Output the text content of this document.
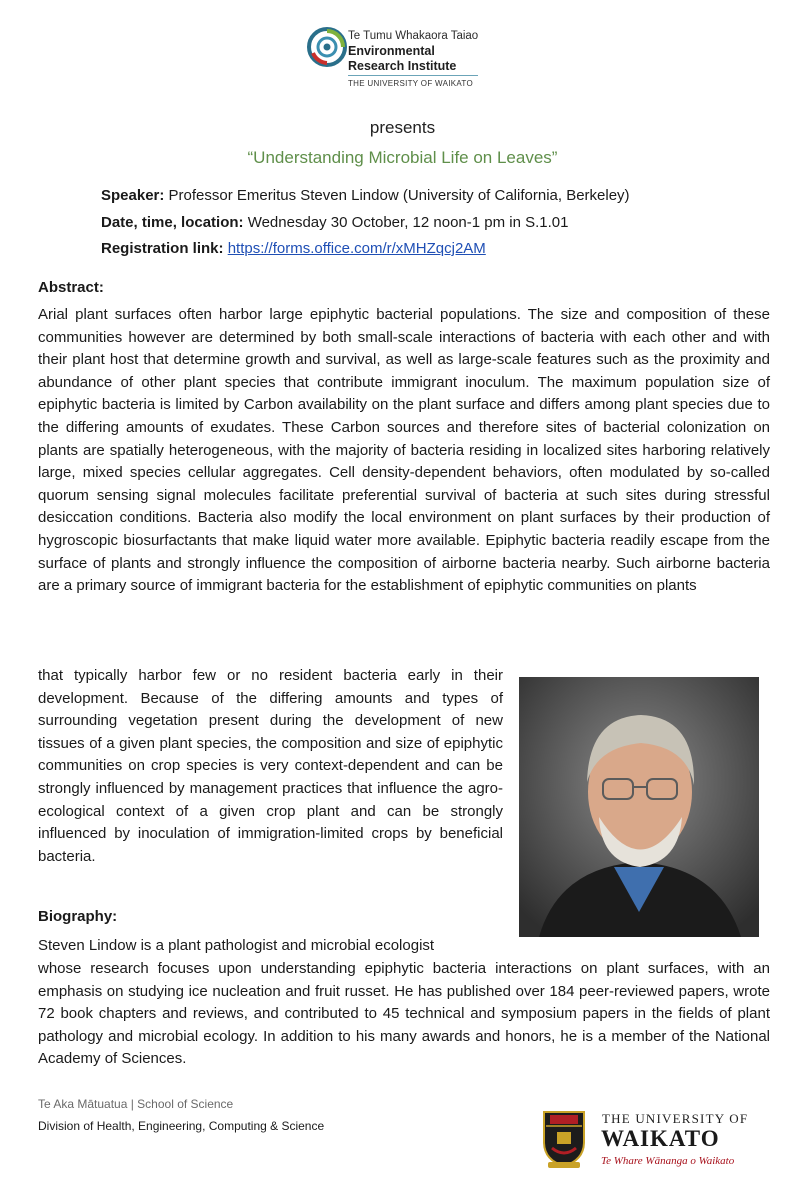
Te Tumu Whakaora Taiao
Environmental
Research Institute
THE UNIVERSITY OF WAIKATO
presents
“Understanding Microbial Life on Leaves”
Speaker: Professor Emeritus Steven Lindow (University of California, Berkeley)
Date, time, location: Wednesday 30 October, 12 noon-1 pm in S.1.01
Registration link: https://forms.office.com/r/xMHZqcj2AM
Abstract:
Arial plant surfaces often harbor large epiphytic bacterial populations. The size and composition of these communities however are determined by both small-scale interactions of bacteria with each other and with their plant host that determine growth and survival, as well as large-scale features such as the proximity and abundance of other plant species that contribute immigrant inoculum. The maximum population size of epiphytic bacteria is limited by Carbon availability on the plant surface and differs among plant species due to the differing amounts of exudates. These Carbon sources and therefore sites of bacterial colonization on plants are spatially heterogeneous, with the majority of bacteria residing in localized sites harboring relatively large, mixed species cellular aggregates. Cell density-dependent behaviors, often modulated by so-called quorum sensing signal molecules facilitate preferential survival of bacteria at such sites during stressful desiccation conditions. Bacteria also modify the local environment on plant surfaces by their production of hygroscopic biosurfactants that make liquid water more available. Epiphytic bacteria readily escape from the surface of plants and strongly influence the composition of airborne bacteria nearby. Such airborne bacteria are a primary source of immigrant bacteria for the establishment of epiphytic communities on plants
that typically harbor few or no resident bacteria early in their development. Because of the differing amounts and types of surrounding vegetation present during the development of new tissues of a given plant species, the composition and size of epiphytic communities on crop species is very context-dependent and can be strongly influenced by management practices that influence the agro-ecological context of a given crop plant and can be strongly influenced by inoculation of immigration-limited crops by beneficial bacteria.
Biography:
Steven Lindow is a plant pathologist and microbial ecologist
whose research focuses upon understanding epiphytic bacteria interactions on plant surfaces, with an emphasis on studying ice nucleation and fruit russet. He has published over 184 peer-reviewed papers, wrote 72 book chapters and reviews, and contributed to 45 technical and symposium papers in the fields of plant pathology and microbial ecology. In addition to his many awards and honors, he is a member of the National Academy of Sciences.
Te Aka Mātuatua | School of Science
Division of Health, Engineering, Computing & Science	THE UNIVERSITY OF
WAIKATO
Te Whare Wānanga o Waikato
